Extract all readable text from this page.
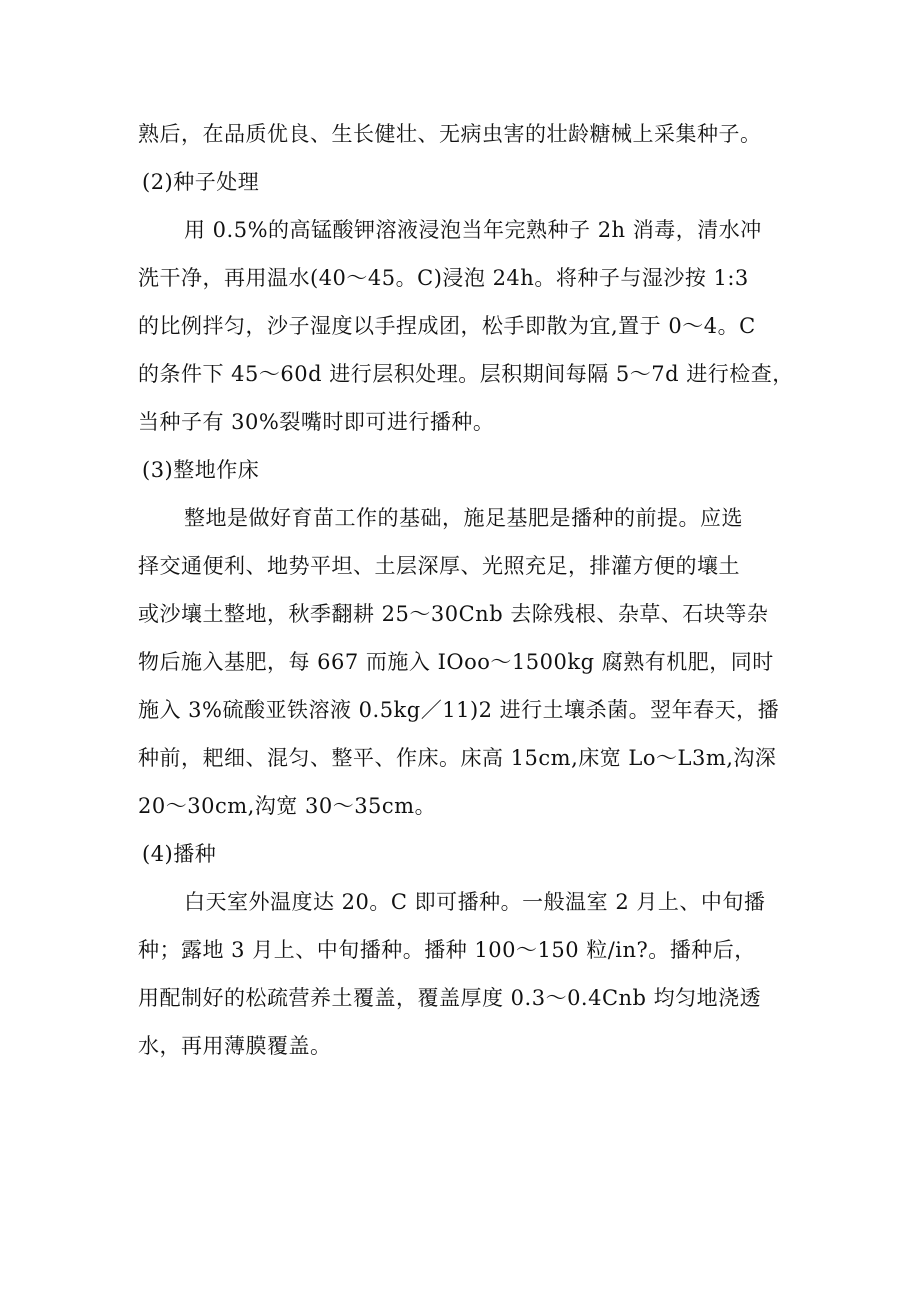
熟后，在品质优良、生长健壮、无病虫害的壮龄糖械上采集种子。
(2)种子处理
用 0.5%的高锰酸钾溶液浸泡当年完熟种子 2h 消毒，清水冲
洗干净，再用温水(40～45。C)浸泡 24h。将种子与湿沙按 1:3
的比例拌匀，沙子湿度以手捏成团，松手即散为宜,置于 0～4。C
的条件下 45～60d 进行层积处理。层积期间每隔 5～7d 进行检查，
当种子有 30%裂嘴时即可进行播种。
(3)整地作床
整地是做好育苗工作的基础，施足基肥是播种的前提。应选
择交通便利、地势平坦、土层深厚、光照充足，排灌方便的壤土
或沙壤土整地，秋季翻耕 25～30Cnb 去除残根、杂草、石块等杂
物后施入基肥，每 667 而施入 IOoo～1500kg 腐熟有机肥，同时
施入 3%硫酸亚铁溶液 0.5kg／11)2 进行土壤杀菌。翌年春天，播
种前，耙细、混匀、整平、作床。床高 15cm,床宽 Lo～L3m,沟深
20～30cm,沟宽 30～35cm。
(4)播种
白天室外温度达 20。C 即可播种。一般温室 2 月上、中旬播
种；露地 3 月上、中旬播种。播种 100～150 粒/in?。播种后，
用配制好的松疏营养土覆盖，覆盖厚度 0.3～0.4Cnb 均匀地浇透
水，再用薄膜覆盖。
